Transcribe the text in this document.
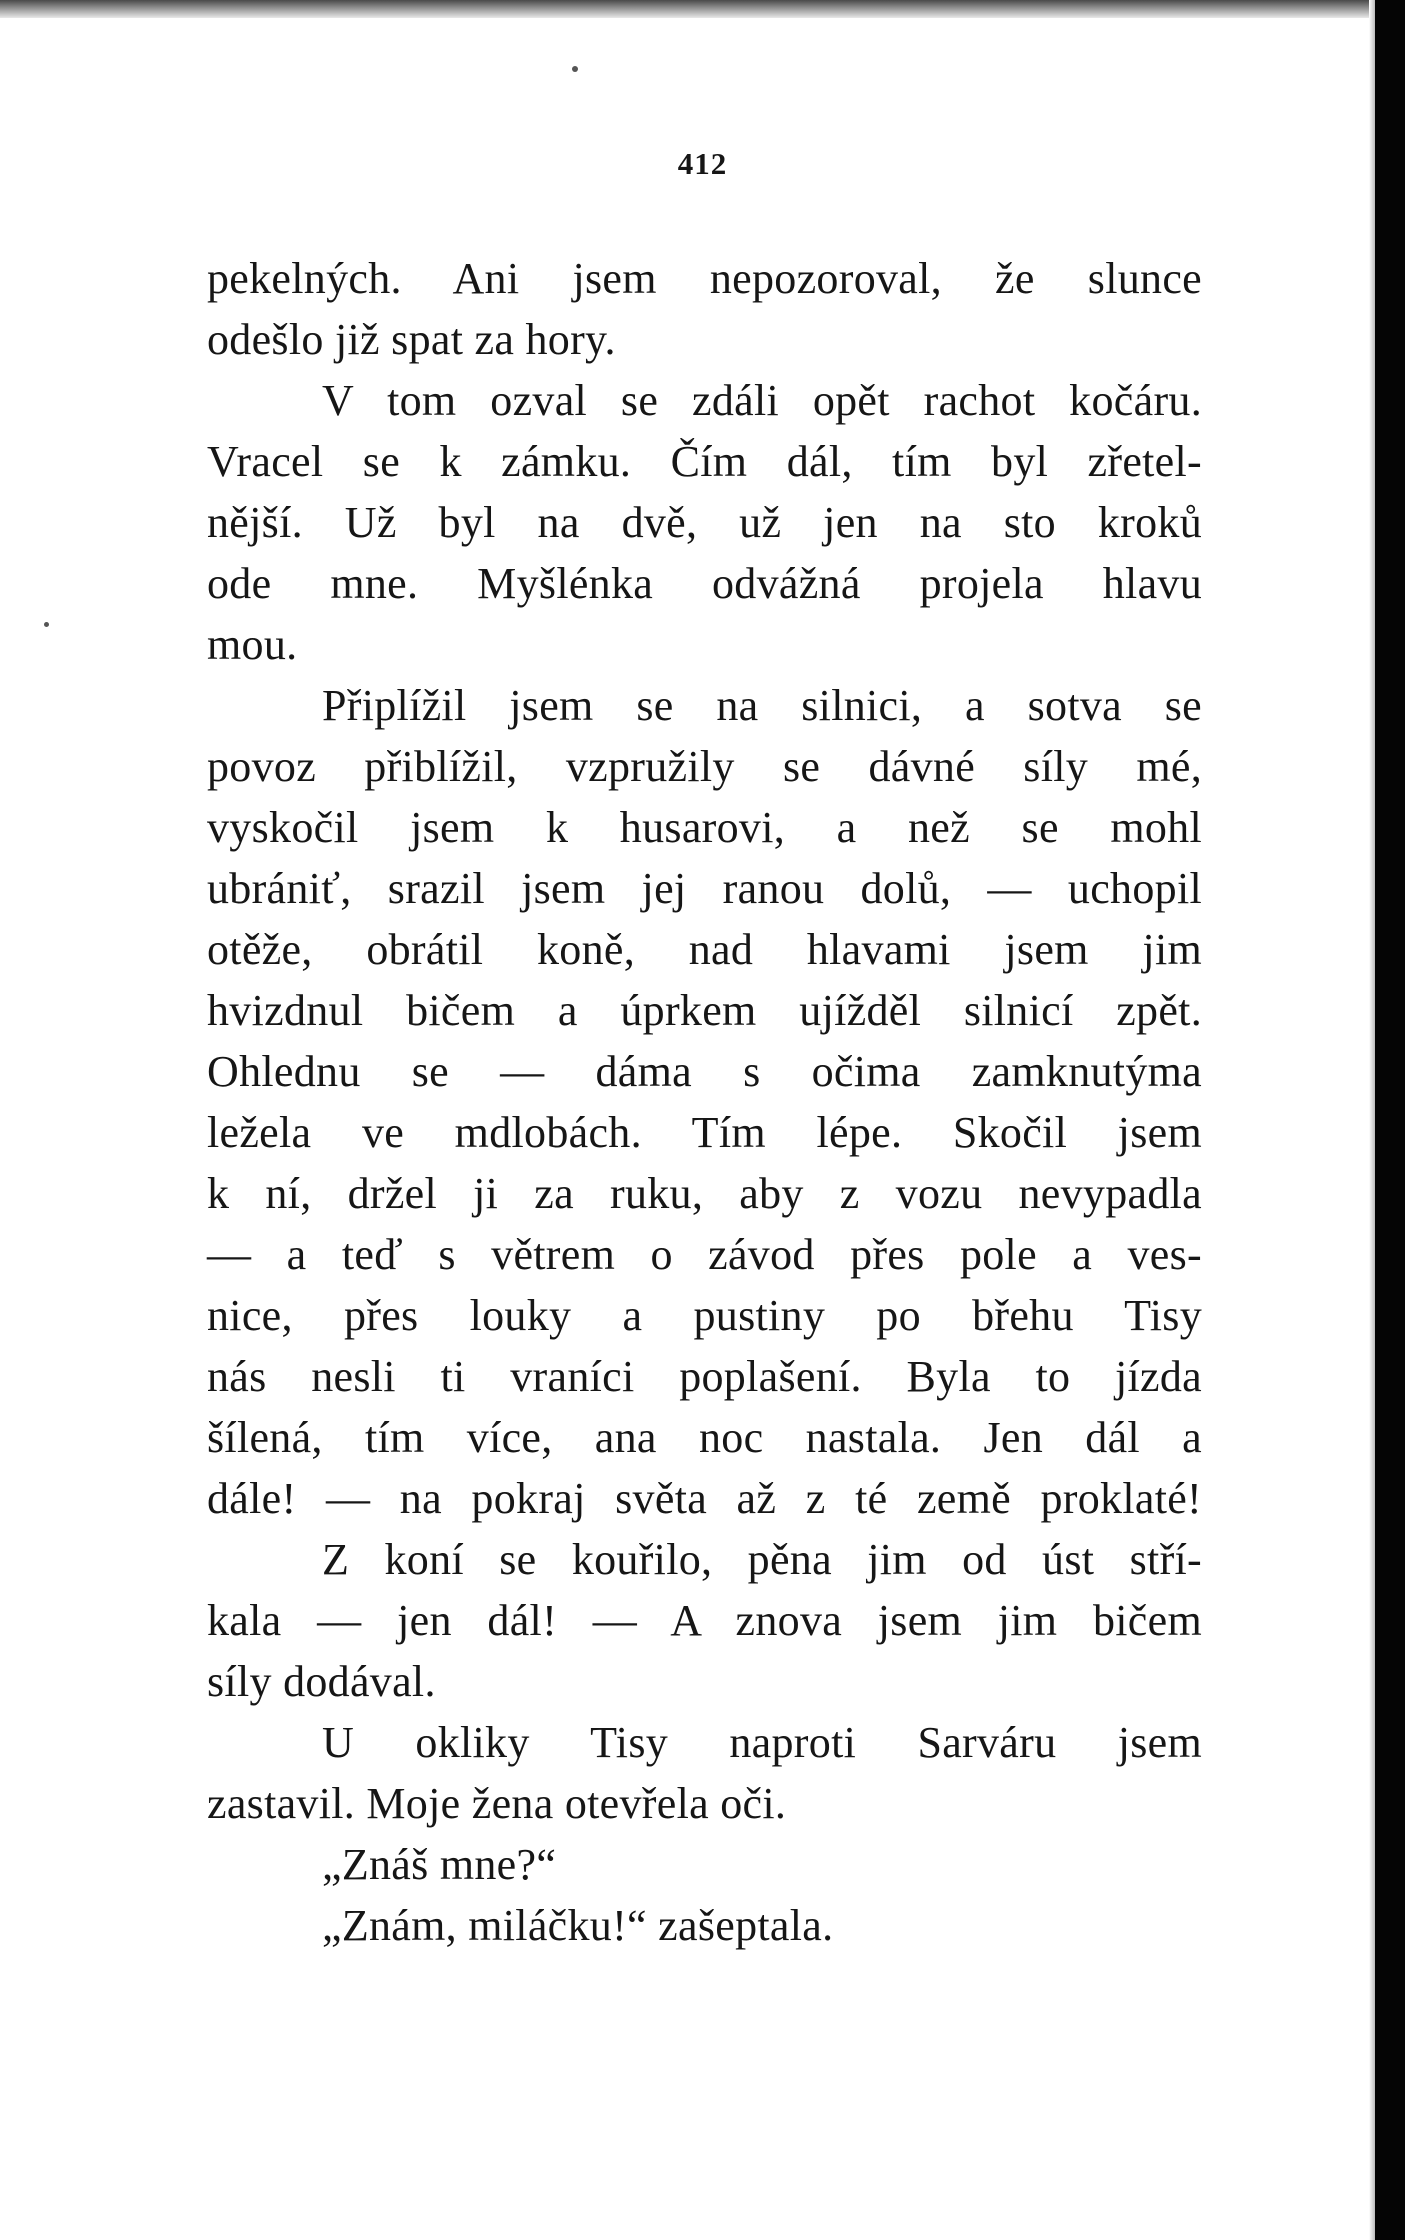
412
pekelných. Ani jsem nepozoroval, že slunce
odešlo již spat za hory.
V tom ozval se zdáli opět rachot kočáru.
Vracel se k zámku. Čím dál, tím byl zřetel-
nější. Už byl na dvě, už jen na sto kroků
ode mne. Myšlénka odvážná projela hlavu
mou.
Připlížil jsem se na silnici, a sotva se
povoz přiblížil, vzpružily se dávné síly mé,
vyskočil jsem k husarovi, a než se mohl
ubrániť, srazil jsem jej ranou dolů, — uchopil
otěže, obrátil koně, nad hlavami jsem jim
hvizdnul bičem a úprkem ujížděl silnicí zpět.
Ohlednu se — dáma s očima zamknutýma
ležela ve mdlobách. Tím lépe. Skočil jsem
k ní, držel ji za ruku, aby z vozu nevypadla
— a teď s větrem o závod přes pole a ves-
nice, přes louky a pustiny po břehu Tisy
nás nesli ti vraníci poplašení. Byla to jízda
šílená, tím více, ana noc nastala. Jen dál a
dále! — na pokraj světa až z té země proklaté!
Z koní se kouřilo, pěna jim od úst stří-
kala — jen dál! — A znova jsem jim bičem
síly dodával.
U okliky Tisy naproti Sarváru jsem
zastavil. Moje žena otevřela oči.
„Znáš mne?“
„Znám, miláčku!“ zašeptala.
